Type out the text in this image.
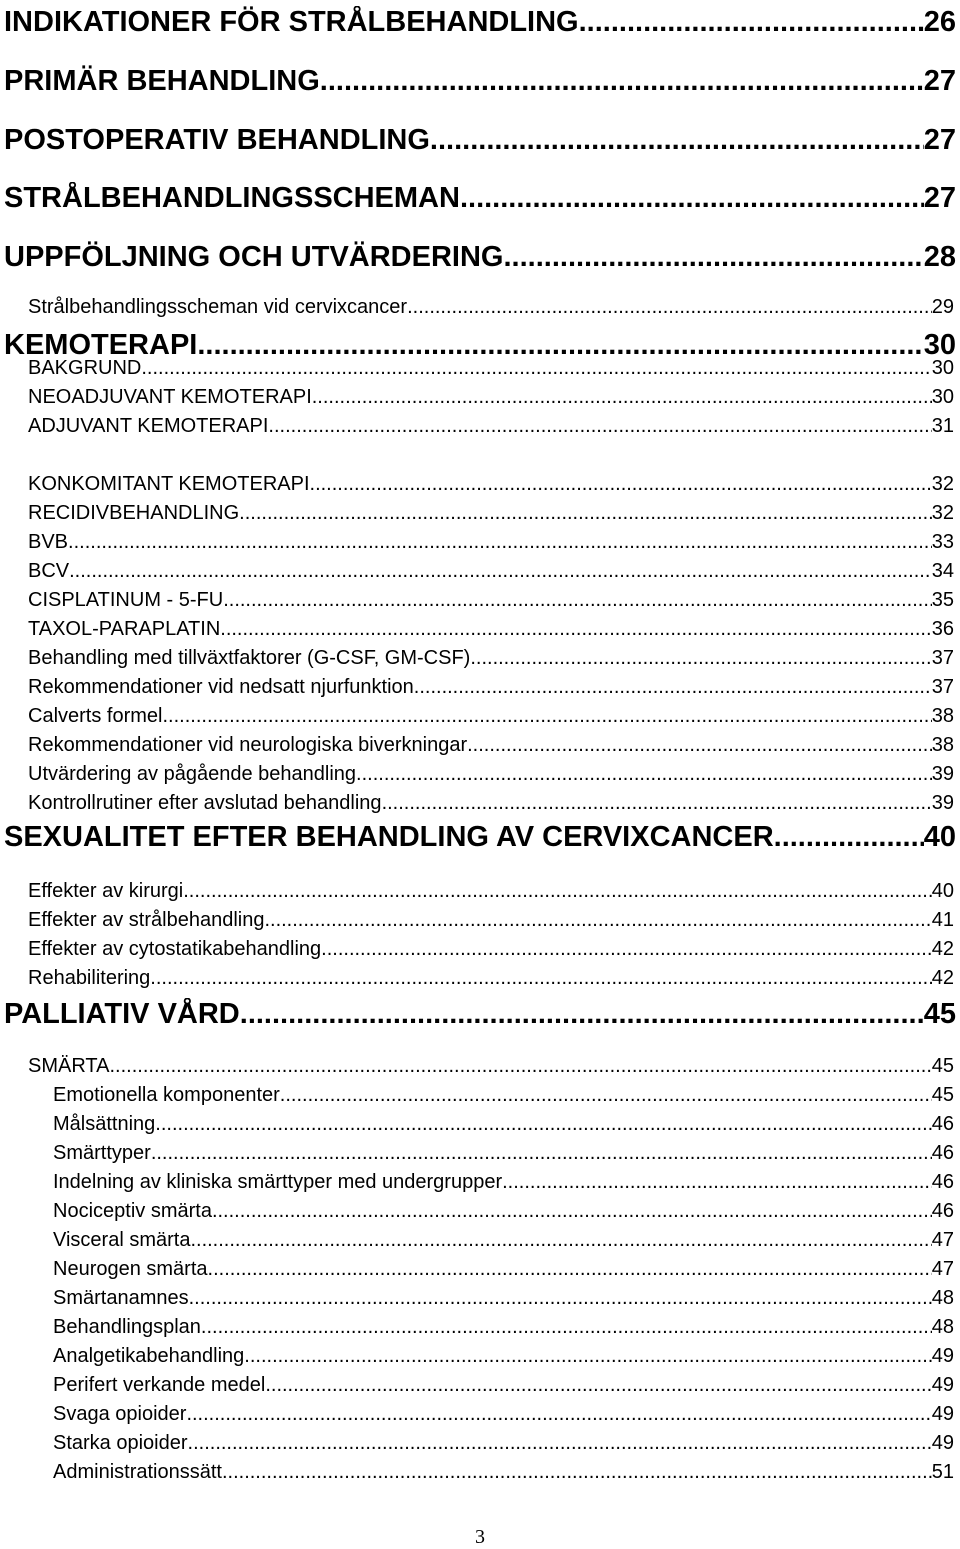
INDIKATIONER FÖR STRÅLBEHANDLING .....	26
PRIMÄR BEHANDLING .....	27
POSTOPERATIV BEHANDLING .....	27
STRÅLBEHANDLINGSSCHEMAN .....	27
UPPFÖLJNING OCH UTVÄRDERING .....	28
Strålbehandlingsscheman vid cervixcancer .....	29
KEMOTERAPI .....	30
BAKGRUND .....	30
NEOADJUVANT KEMOTERAPI .....	30
ADJUVANT KEMOTERAPI .....	31
KONKOMITANT KEMOTERAPI .....	32
RECIDIVBEHANDLING .....	32
BVB .....	33
BCV .....	34
CISPLATINUM - 5-FU .....	35
TAXOL-PARAPLATIN .....	36
Behandling med tillväxtfaktorer (G-CSF, GM-CSF) .....	37
Rekommendationer vid nedsatt njurfunktion .....	37
Calverts formel .....	38
Rekommendationer vid neurologiska biverkningar .....	38
Utvärdering av pågående behandling .....	39
Kontrollrutiner efter avslutad behandling .....	39
SEXUALITET EFTER BEHANDLING AV CERVIXCANCER .....	40
Effekter av kirurgi .....	40
Effekter av strålbehandling .....	41
Effekter av cytostatikabehandling .....	42
Rehabilitering .....	42
PALLIATIV VÅRD .....	45
SMÄRTA .....	45
Emotionella komponenter .....	45
Målsättning .....	46
Smärttyper .....	46
Indelning av kliniska smärttyper med undergrupper .....	46
Nociceptiv smärta .....	46
Visceral smärta .....	47
Neurogen smärta .....	47
Smärtanamnes .....	48
Behandlingsplan .....	48
Analgetikabehandling .....	49
Perifert verkande medel .....	49
Svaga opioider .....	49
Starka opioider .....	49
Administrationssätt .....	51
3
